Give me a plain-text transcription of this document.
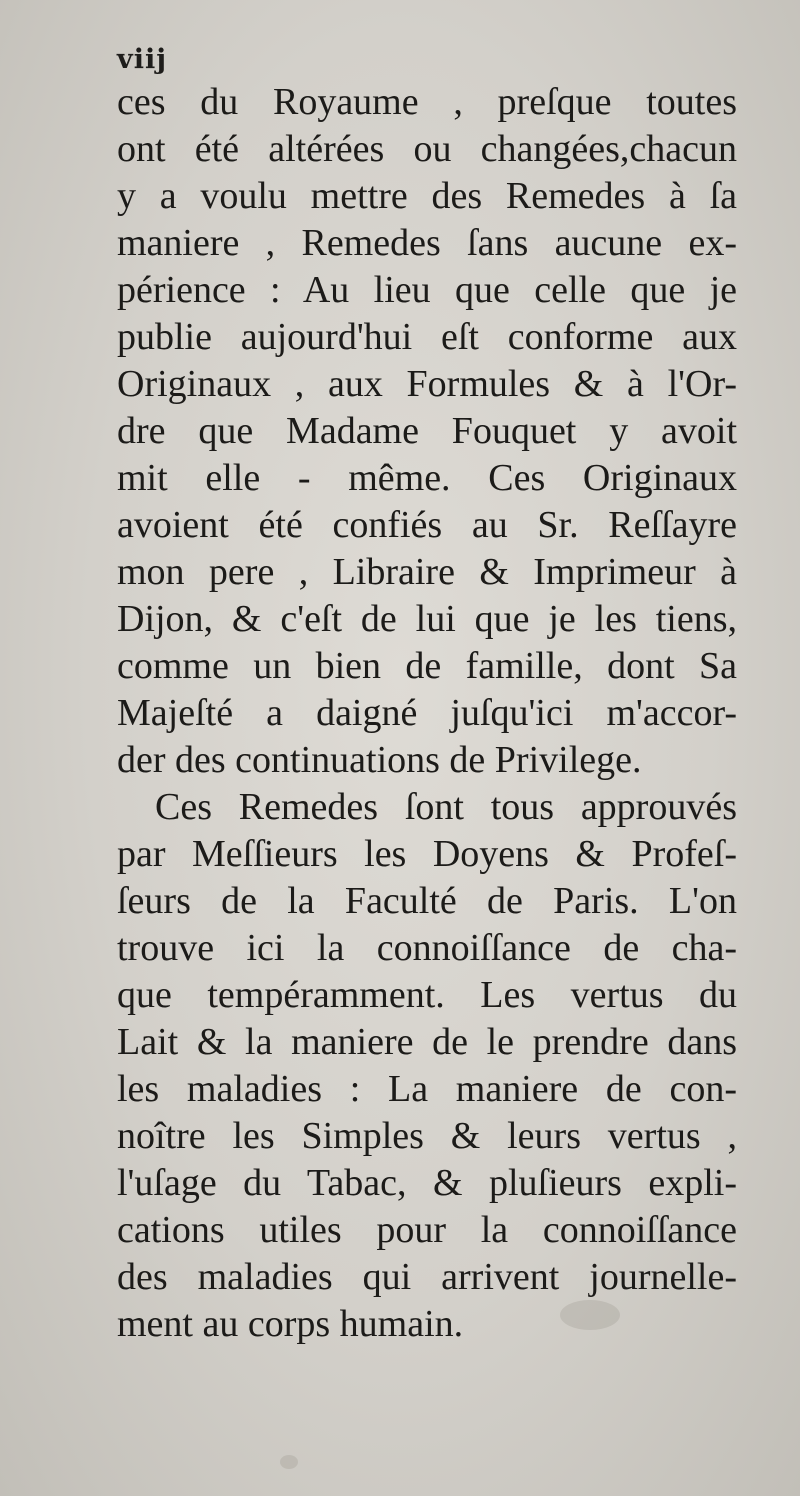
viij
ces du Royaume , preſque toutes
ont été altérées ou changées,chacun
y a voulu mettre des Remedes à ſa
maniere , Remedes ſans aucune ex-
périence : Au lieu que celle que je
publie aujourd'hui eſt conforme aux
Originaux , aux Formules & à l'Or-
dre que Madame Fouquet y avoit
mit elle - même. Ces Originaux
avoient été confiés au Sr. Reſſayre
mon pere , Libraire & Imprimeur à
Dijon, & c'eſt de lui que je les tiens,
comme un bien de famille, dont Sa
Majeſté a daigné juſqu'ici m'accor-
der des continuations de Privilege.
Ces Remedes ſont tous approuvés
par Meſſieurs les Doyens & Profeſ-
ſeurs de la Faculté de Paris. L'on
trouve ici la connoiſſance de cha-
que tempéramment. Les vertus du
Lait & la maniere de le prendre dans
les maladies : La maniere de con-
noître les Simples & leurs vertus ,
l'uſage du Tabac, & pluſieurs expli-
cations utiles pour la connoiſſance
des maladies qui arrivent journelle-
ment au corps humain.
